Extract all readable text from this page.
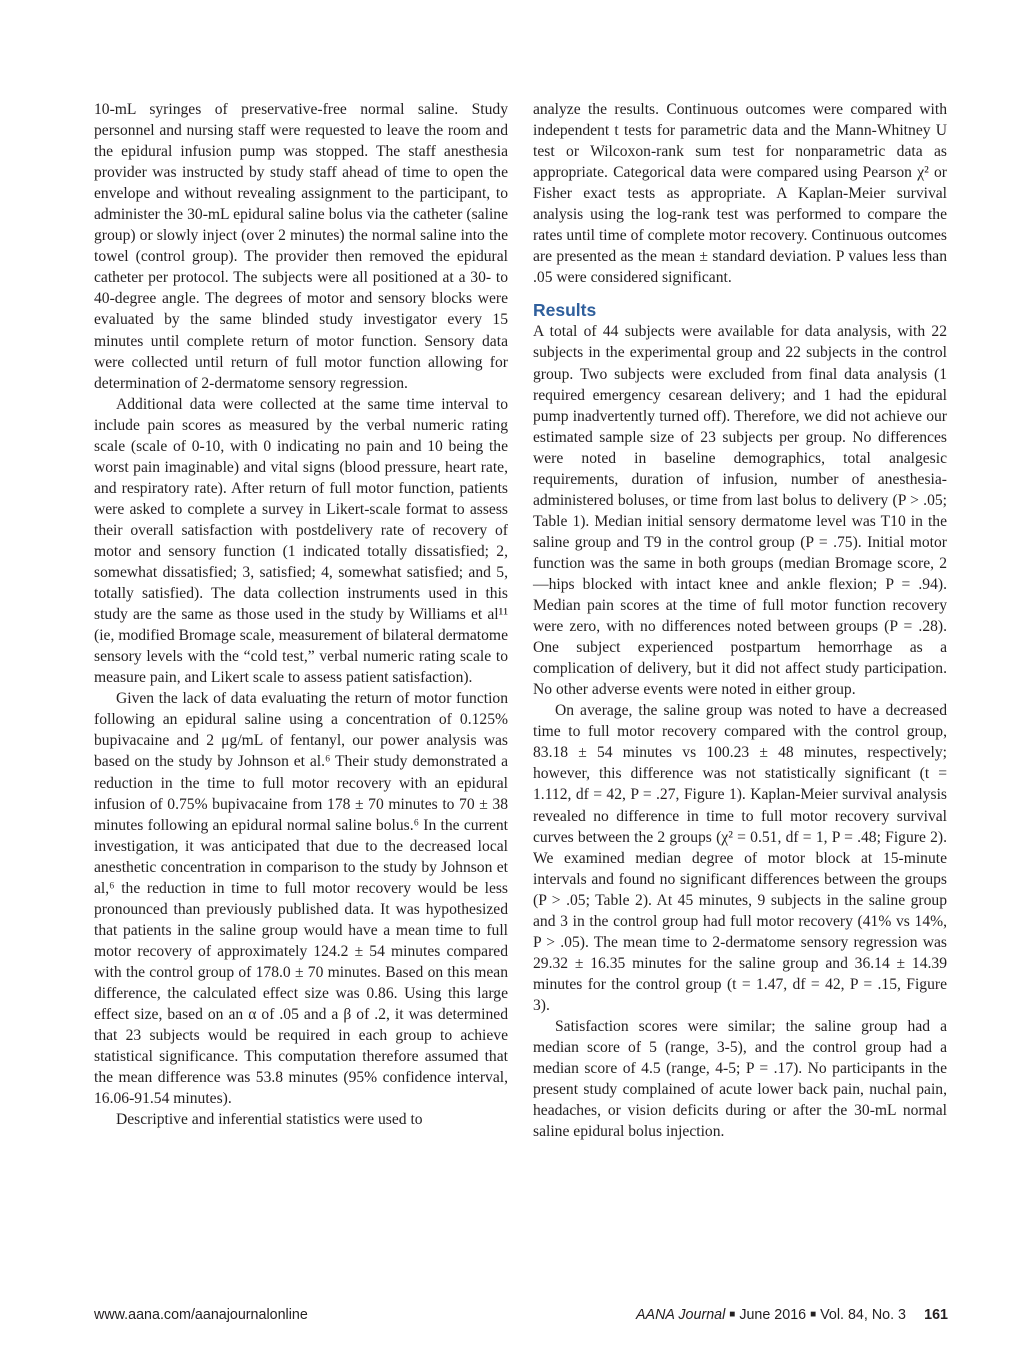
10-mL syringes of preservative-free normal saline. Study personnel and nursing staff were requested to leave the room and the epidural infusion pump was stopped. The staff anesthesia provider was instructed by study staff ahead of time to open the envelope and without revealing assignment to the participant, to administer the 30-mL epidural saline bolus via the catheter (saline group) or slowly inject (over 2 minutes) the normal saline into the towel (control group). The provider then removed the epidural catheter per protocol. The subjects were all positioned at a 30- to 40-degree angle. The degrees of motor and sensory blocks were evaluated by the same blinded study investigator every 15 minutes until complete return of motor function. Sensory data were collected until return of full motor function allowing for determination of 2-dermatome sensory regression.

Additional data were collected at the same time interval to include pain scores as measured by the verbal numeric rating scale (scale of 0-10, with 0 indicating no pain and 10 being the worst pain imaginable) and vital signs (blood pressure, heart rate, and respiratory rate). After return of full motor function, patients were asked to complete a survey in Likert-scale format to assess their overall satisfaction with postdelivery rate of recovery of motor and sensory function (1 indicated totally dissatisfied; 2, somewhat dissatisfied; 3, satisfied; 4, somewhat satisfied; and 5, totally satisfied). The data collection instruments used in this study are the same as those used in the study by Williams et al¹¹ (ie, modified Bromage scale, measurement of bilateral dermatome sensory levels with the “cold test,” verbal numeric rating scale to measure pain, and Likert scale to assess patient satisfaction).

Given the lack of data evaluating the return of motor function following an epidural saline using a concentration of 0.125% bupivacaine and 2 μg/mL of fentanyl, our power analysis was based on the study by Johnson et al.⁶ Their study demonstrated a reduction in the time to full motor recovery with an epidural infusion of 0.75% bupivacaine from 178 ± 70 minutes to 70 ± 38 minutes following an epidural normal saline bolus.⁶ In the current investigation, it was anticipated that due to the decreased local anesthetic concentration in comparison to the study by Johnson et al,⁶ the reduction in time to full motor recovery would be less pronounced than previously published data. It was hypothesized that patients in the saline group would have a mean time to full motor recovery of approximately 124.2 ± 54 minutes compared with the control group of 178.0 ± 70 minutes. Based on this mean difference, the calculated effect size was 0.86. Using this large effect size, based on an α of .05 and a β of .2, it was determined that 23 subjects would be required in each group to achieve statistical significance. This computation therefore assumed that the mean difference was 53.8 minutes (95% confidence interval, 16.06-91.54 minutes).

Descriptive and inferential statistics were used to

analyze the results. Continuous outcomes were compared with independent t tests for parametric data and the Mann-Whitney U test or Wilcoxon-rank sum test for nonparametric data as appropriate. Categorical data were compared using Pearson χ² or Fisher exact tests as appropriate. A Kaplan-Meier survival analysis using the log-rank test was performed to compare the rates until time of complete motor recovery. Continuous outcomes are presented as the mean ± standard deviation. P values less than .05 were considered significant.

Results

A total of 44 subjects were available for data analysis, with 22 subjects in the experimental group and 22 subjects in the control group. Two subjects were excluded from final data analysis (1 required emergency cesarean delivery; and 1 had the epidural pump inadvertently turned off). Therefore, we did not achieve our estimated sample size of 23 subjects per group. No differences were noted in baseline demographics, total analgesic requirements, duration of infusion, number of anesthesia-administered boluses, or time from last bolus to delivery (P > .05; Table 1). Median initial sensory dermatome level was T10 in the saline group and T9 in the control group (P = .75). Initial motor function was the same in both groups (median Bromage score, 2—hips blocked with intact knee and ankle flexion; P = .94). Median pain scores at the time of full motor function recovery were zero, with no differences noted between groups (P = .28). One subject experienced postpartum hemorrhage as a complication of delivery, but it did not affect study participation. No other adverse events were noted in either group.

On average, the saline group was noted to have a decreased time to full motor recovery compared with the control group, 83.18 ± 54 minutes vs 100.23 ± 48 minutes, respectively; however, this difference was not statistically significant (t = 1.112, df = 42, P = .27, Figure 1). Kaplan-Meier survival analysis revealed no difference in time to full motor recovery survival curves between the 2 groups (χ² = 0.51, df = 1, P = .48; Figure 2). We examined median degree of motor block at 15-minute intervals and found no significant differences between the groups (P > .05; Table 2). At 45 minutes, 9 subjects in the saline group and 3 in the control group had full motor recovery (41% vs 14%, P > .05). The mean time to 2-dermatome sensory regression was 29.32 ± 16.35 minutes for the saline group and 36.14 ± 14.39 minutes for the control group (t = 1.47, df = 42, P = .15, Figure 3).

Satisfaction scores were similar; the saline group had a median score of 5 (range, 3-5), and the control group had a median score of 4.5 (range, 4-5; P = .17). No participants in the present study complained of acute lower back pain, nuchal pain, headaches, or vision deficits during or after the 30-mL normal saline epidural bolus injection.

www.aana.com/aanajournalonline	AANA Journal ■ June 2016 ■ Vol. 84, No. 3 161
